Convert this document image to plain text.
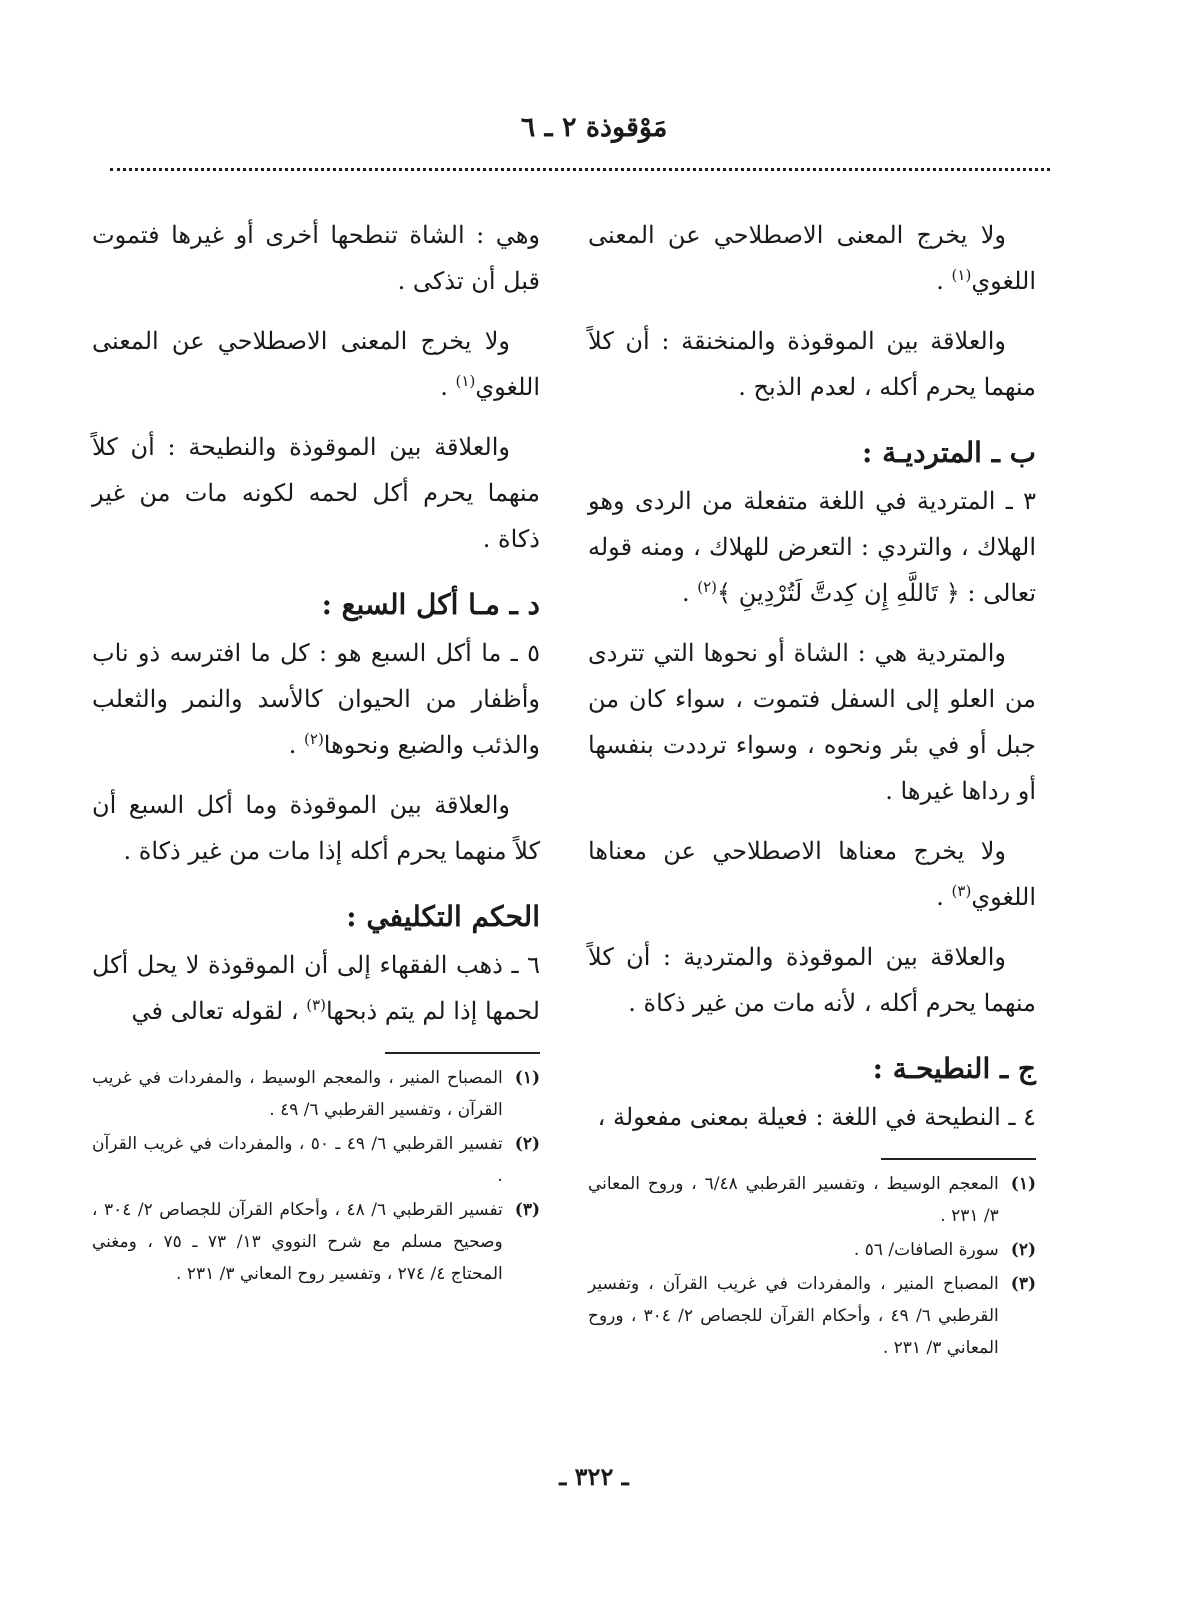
مَوْقوذة ٢ ـ ٦

ولا يخرج المعنى الاصطلاحي عن المعنى اللغوي$^{(١)}$ .

والعلاقة بين الموقوذة والمنخنقة : أن كلاً منهما يحرم أكله ، لعدم الذبح .

ب ـ المترديـة :

٣ ـ المتردية في اللغة متفعلة من الردى وهو الهلاك ، والتردي : التعرض للهلاك ، ومنه قوله تعالى : ﴿ تَاللَّهِ إِن كِدتَّ لَتُرْدِينِ ﴾$^{(٢)}$ .

والمتردية هي : الشاة أو نحوها التي تتردى من العلو إلى السفل فتموت ، سواء كان من جبل أو في بئر ونحوه ، وسواء ترددت بنفسها أو رداها غيرها .

ولا يخرج معناها الاصطلاحي عن معناها اللغوي$^{(٣)}$ .

والعلاقة بين الموقوذة والمتردية : أن كلاً منهما يحرم أكله ، لأنه مات من غير ذكاة .

ج ـ النطيحـة :

٤ ـ النطيحة في اللغة : فعيلة بمعنى مفعولة ،

(١)
المعجم الوسيط ، وتفسير القرطبي ٦/٤٨ ، وروح المعاني ٣/ ٢٣١ .
(٢)
سورة الصافات/ ٥٦ .
(٣)
المصباح المنير ، والمفردات في غريب القرآن ، وتفسير القرطبي ٦/ ٤٩ ، وأحكام القرآن للجصاص ٢/ ٣٠٤ ، وروح المعاني ٣/ ٢٣١ .

وهي : الشاة تنطحها أخرى أو غيرها فتموت قبل أن تذكى .

ولا يخرج المعنى الاصطلاحي عن المعنى اللغوي$^{(١)}$ .

والعلاقة بين الموقوذة والنطيحة : أن كلاً منهما يحرم أكل لحمه لكونه مات من غير ذكاة .

د ـ مـا أكل السبع :

٥ ـ ما أكل السبع هو : كل ما افترسه ذو ناب وأظفار من الحيوان كالأسد والنمر والثعلب والذئب والضبع ونحوها$^{(٢)}$ .

والعلاقة بين الموقوذة وما أكل السبع أن كلاً منهما يحرم أكله إذا مات من غير ذكاة .

الحكم التكليفي :

٦ ـ ذهب الفقهاء إلى أن الموقوذة لا يحل أكل لحمها إذا لم يتم ذبحها$^{(٣)}$ ، لقوله تعالى في

(١)
المصباح المنير ، والمعجم الوسيط ، والمفردات في غريب القرآن ، وتفسير القرطبي ٦/ ٤٩ .
(٢)
تفسير القرطبي ٦/ ٤٩ ـ ٥٠ ، والمفردات في غريب القرآن .
(٣)
تفسير القرطبي ٦/ ٤٨ ، وأحكام القرآن للجصاص ٢/ ٣٠٤ ، وصحيح مسلم مع شرح النووي ١٣/ ٧٣ ـ ٧٥ ، ومغني المحتاج ٤/ ٢٧٤ ، وتفسير روح المعاني ٣/ ٢٣١ .
ـ ٣٢٢ ـ
